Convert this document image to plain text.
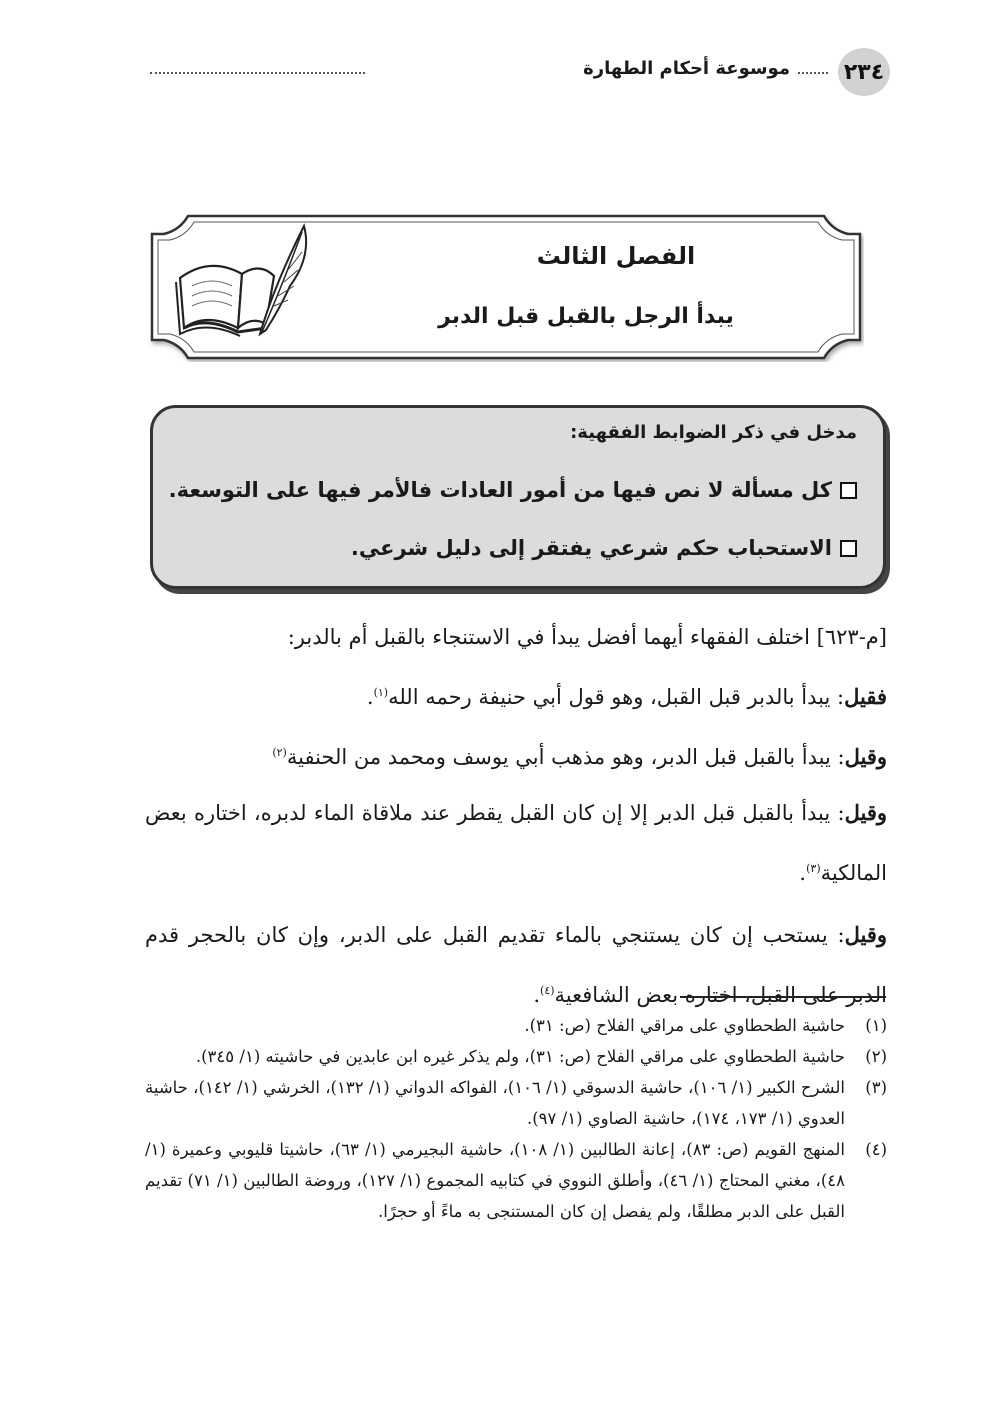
٢٣٤
موسوعة أحكام الطهارة
الفصل الثالث
يبدأ الرجل بالقبل قبل الدبر
مدخل في ذكر الضوابط الفقهية:
كل مسألة لا نص فيها من أمور العادات فالأمر فيها على التوسعة.
الاستحباب حكم شرعي يفتقر إلى دليل شرعي.

[م-٦٢٣] اختلف الفقهاء أيهما أفضل يبدأ في الاستنجاء بالقبل أم بالدبر:

فقيل: يبدأ بالدبر قبل القبل، وهو قول أبي حنيفة رحمه الله$^{(١)}$.

وقيل: يبدأ بالقبل قبل الدبر، وهو مذهب أبي يوسف ومحمد من الحنفية$^{(٢)}$

وقيل: يبدأ بالقبل قبل الدبر إلا إن كان القبل يقطر عند ملاقاة الماء لدبره، اختاره بعض المالكية$^{(٣)}$.

وقيل: يستحب إن كان يستنجي بالماء تقديم القبل على الدبر، وإن كان بالحجر قدم الدبر على القبل، اختاره بعض الشافعية$^{(٤)}$.

(١)
حاشية الطحطاوي على مراقي الفلاح (ص: ٣١).
(٢)
حاشية الطحطاوي على مراقي الفلاح (ص: ٣١)، ولم يذكر غيره ابن عابدين في حاشيته (١/ ٣٤٥).
(٣)
الشرح الكبير (١/ ١٠٦)، حاشية الدسوقي (١/ ١٠٦)، الفواكه الدواني (١/ ١٣٢)، الخرشي (١/ ١٤٢)، حاشية العدوي (١/ ١٧٣، ١٧٤)، حاشية الصاوي (١/ ٩٧).
(٤)
المنهج القويم (ص: ٨٣)، إعانة الطالبين (١/ ١٠٨)، حاشية البجيرمي (١/ ٦٣)، حاشيتا قليوبي وعميرة (١/ ٤٨)، مغني المحتاج (١/ ٤٦)، وأطلق النووي في كتابيه المجموع (١/ ١٢٧)، وروضة الطالبين (١/ ٧١) تقديم القبل على الدبر مطلقًا، ولم يفصل إن كان المستنجى به ماءً أو حجرًا.
